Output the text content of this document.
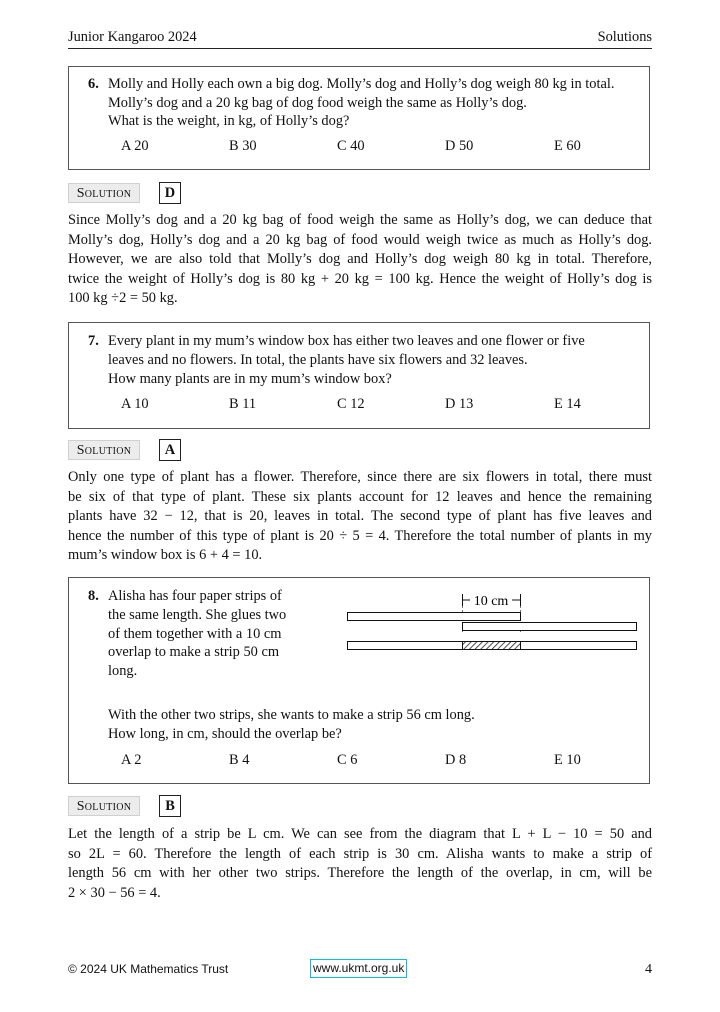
Junior Kangaroo 2024	Solutions
6. Molly and Holly each own a big dog. Molly’s dog and Holly’s dog weigh 80 kg in total.
Molly’s dog and a 20 kg bag of dog food weigh the same as Holly’s dog.
What is the weight, in kg, of Holly’s dog?
A 20	B 30	C 40	D 50	E 60
Solution	D
Since Molly’s dog and a 20 kg bag of food weigh the same as Holly’s dog, we can deduce that
Molly’s dog, Holly’s dog and a 20 kg bag of food would weigh twice as much as Holly’s dog.
However, we are also told that Molly’s dog and Holly’s dog weigh 80 kg in total. Therefore,
twice the weight of Holly’s dog is 80 kg + 20 kg = 100 kg. Hence the weight of Holly’s dog is
100 kg ÷2 = 50 kg.
7. Every plant in my mum’s window box has either two leaves and one flower or five
leaves and no flowers. In total, the plants have six flowers and 32 leaves.
How many plants are in my mum’s window box?
A 10	B 11	C 12	D 13	E 14
Solution	A
Only one type of plant has a flower. Therefore, since there are six flowers in total, there must
be six of that type of plant. These six plants account for 12 leaves and hence the remaining
plants have 32 − 12, that is 20, leaves in total. The second type of plant has five leaves and
hence the number of this type of plant is 20 ÷ 5 = 4. Therefore the total number of plants in my
mum’s window box is 6 + 4 = 10.
8. Alisha has four paper strips of
the same length. She glues two
of them together with a 10 cm
overlap to make a strip 50 cm
long.
10 cm
With the other two strips, she wants to make a strip 56 cm long.
How long, in cm, should the overlap be?
A 2	B 4	C 6	D 8	E 10
Solution	B
Let the length of a strip be L cm. We can see from the diagram that L + L − 10 = 50 and
so 2L = 60. Therefore the length of each strip is 30 cm. Alisha wants to make a strip of
length 56 cm with her other two strips. Therefore the length of the overlap, in cm, will be
2 × 30 − 56 = 4.
© 2024 UK Mathematics Trust	www.ukmt.org.uk	4
